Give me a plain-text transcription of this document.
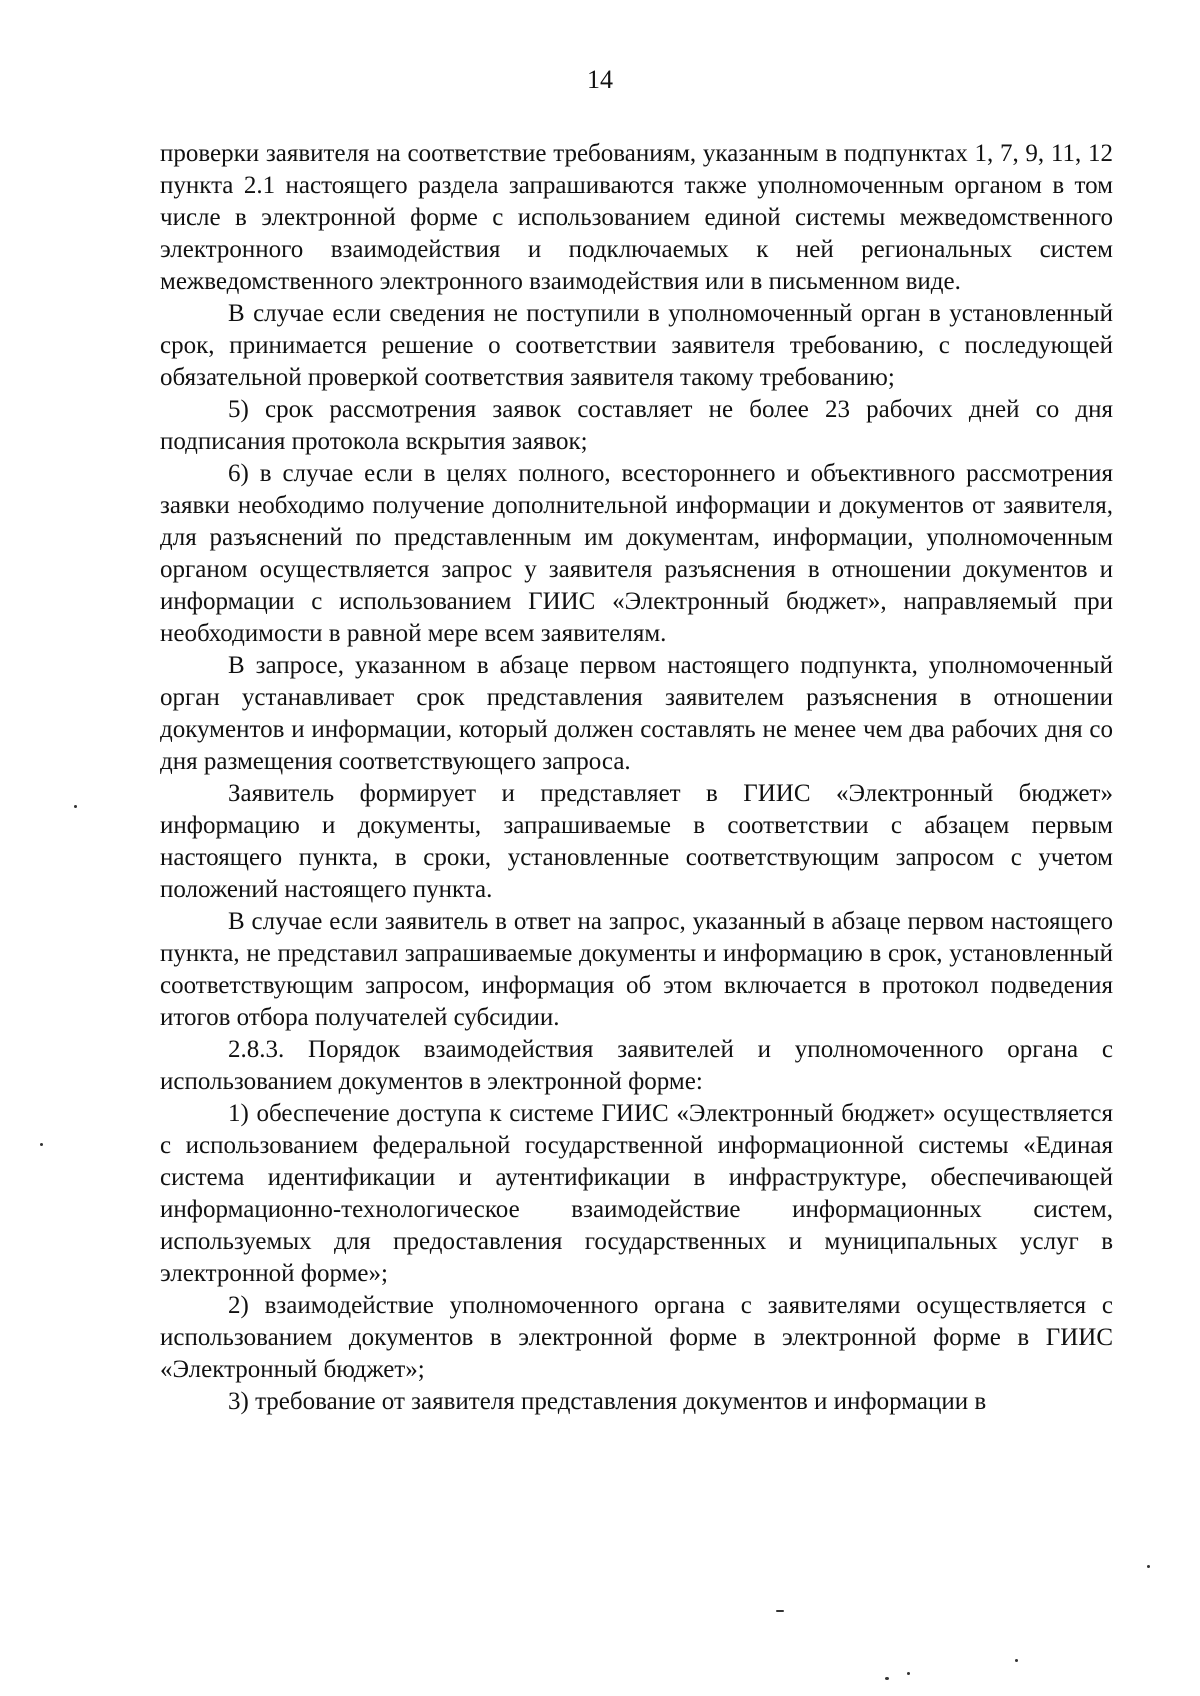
14

проверки заявителя на соответствие требованиям, указанным в подпунктах 1, 7, 9, 11, 12 пункта 2.1 настоящего раздела запрашиваются также уполномоченным органом в том числе в электронной форме с использованием единой системы межведомственного электронного взаимодействия и подключаемых к ней региональных систем межведомственного электронного взаимодействия или в письменном виде.

В случае если сведения не поступили в уполномоченный орган в установленный срок, принимается решение о соответствии заявителя требованию, с последующей обязательной проверкой соответствия заявителя такому требованию;

5) срок рассмотрения заявок составляет не более 23 рабочих дней со дня подписания протокола вскрытия заявок;

6) в случае если в целях полного, всестороннего и объективного рассмотрения заявки необходимо получение дополнительной информации и документов от заявителя, для разъяснений по представленным им документам, информации, уполномоченным органом осуществляется запрос у заявителя разъяснения в отношении документов и информации с использованием ГИИС «Электронный бюджет», направляемый при необходимости в равной мере всем заявителям.

В запросе, указанном в абзаце первом настоящего подпункта, уполномоченный орган устанавливает срок представления заявителем разъяснения в отношении документов и информации, который должен составлять не менее чем два рабочих дня со дня размещения соответствующего запроса.

Заявитель формирует и представляет в ГИИС «Электронный бюджет» информацию и документы, запрашиваемые в соответствии с абзацем первым настоящего пункта, в сроки, установленные соответствующим запросом с учетом положений настоящего пункта.

В случае если заявитель в ответ на запрос, указанный в абзаце первом настоящего пункта, не представил запрашиваемые документы и информацию в срок, установленный соответствующим запросом, информация об этом включается в протокол подведения итогов отбора получателей субсидии.

2.8.3. Порядок взаимодействия заявителей и уполномоченного органа с использованием документов в электронной форме:

1) обеспечение доступа к системе ГИИС «Электронный бюджет» осуществляется с использованием федеральной государственной информационной системы «Единая система идентификации и аутентификации в инфраструктуре, обеспечивающей информационно-технологическое взаимодействие информационных систем, используемых для предоставления государственных и муниципальных услуг в электронной форме»;

2) взаимодействие уполномоченного органа с заявителями осуществляется с использованием документов в электронной форме в электронной форме в ГИИС «Электронный бюджет»;

3) требование от заявителя представления документов и информации в
